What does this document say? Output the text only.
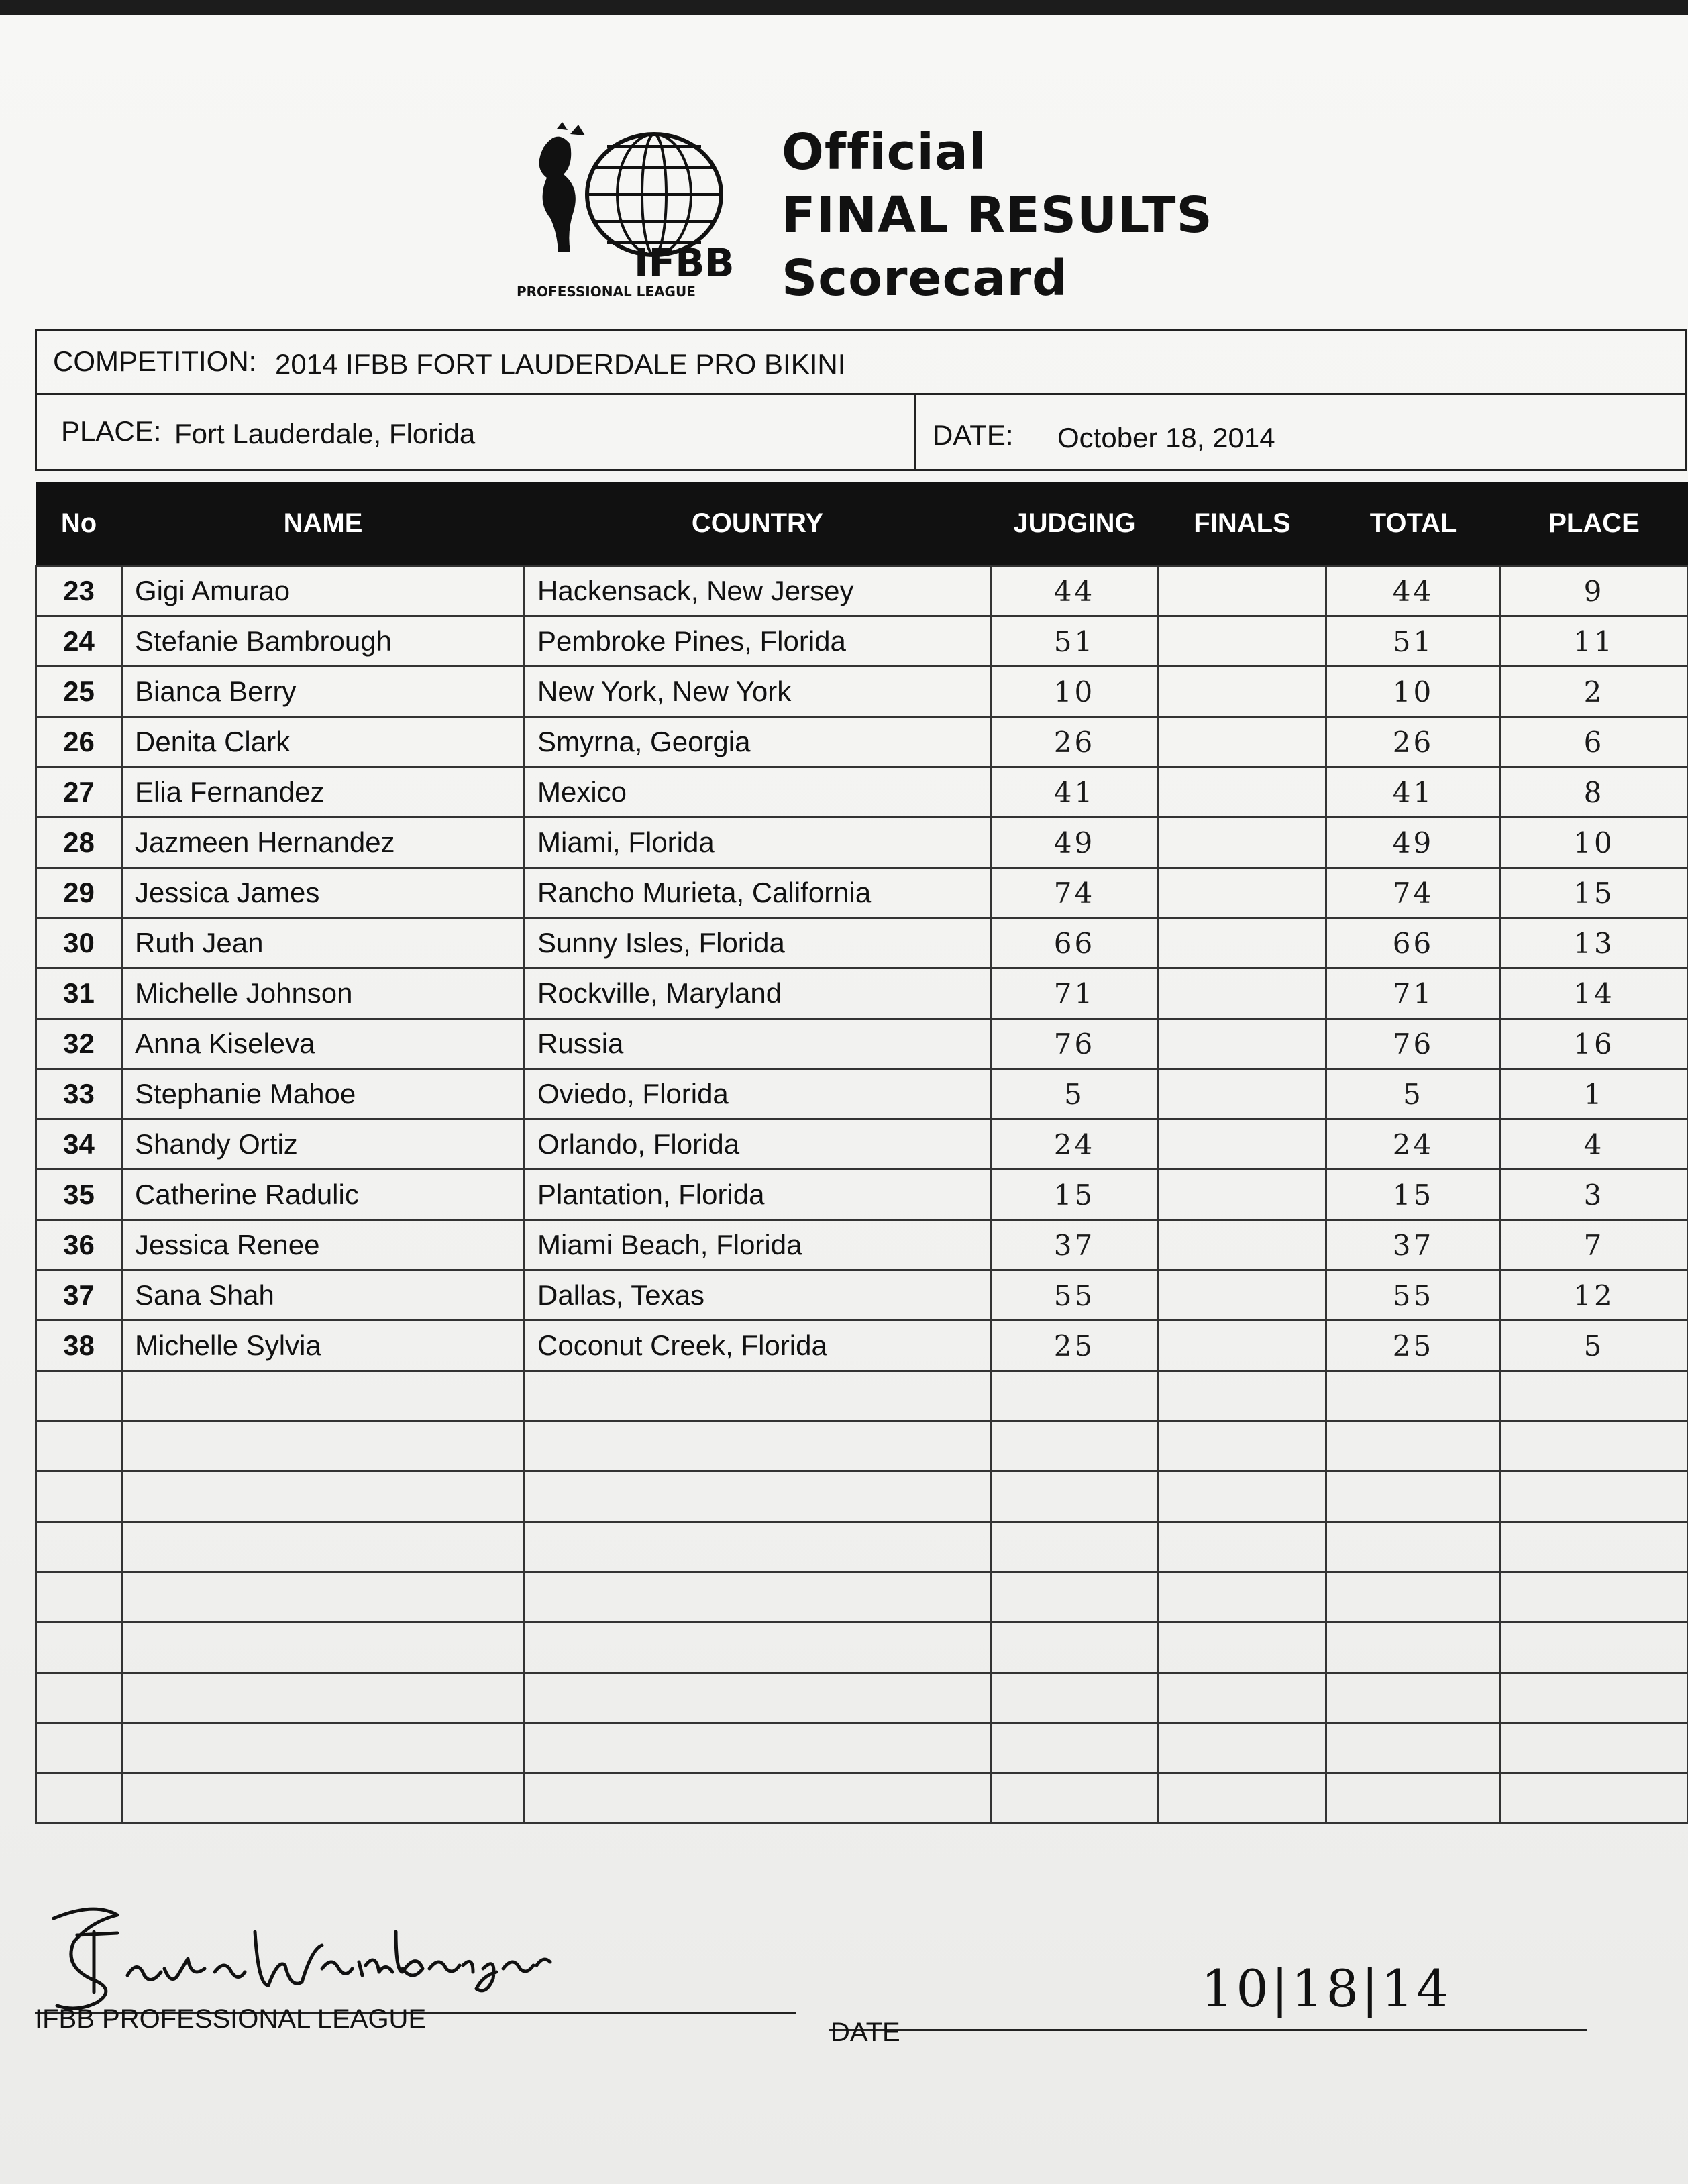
IFBB
PROFESSIONAL LEAGUE
Official
FINAL RESULTS
Scorecard
COMPETITION: 2014 IFBB FORT LAUDERDALE PRO BIKINI
PLACE: Fort Lauderdale, Florida	DATE: October 18, 2014
No	NAME	COUNTRY	JUDGING	FINALS	TOTAL	PLACE
23	Gigi Amurao	Hackensack, New Jersey	44		44	9
24	Stefanie Bambrough	Pembroke Pines, Florida	51		51	11
25	Bianca Berry	New York, New York	10		10	2
26	Denita Clark	Smyrna, Georgia	26		26	6
27	Elia Fernandez	Mexico	41		41	8
28	Jazmeen Hernandez	Miami, Florida	49		49	10
29	Jessica James	Rancho Murieta, California	74		74	15
30	Ruth Jean	Sunny Isles, Florida	66		66	13
31	Michelle Johnson	Rockville, Maryland	71		71	14
32	Anna Kiseleva	Russia	76		76	16
33	Stephanie Mahoe	Oviedo, Florida	5		5	1
34	Shandy Ortiz	Orlando, Florida	24		24	4
35	Catherine Radulic	Plantation, Florida	15		15	3
36	Jessica Renee	Miami Beach, Florida	37		37	7
37	Sana Shah	Dallas, Texas	55		55	12
38	Michelle Sylvia	Coconut Creek, Florida	25		25	5

IFBB PROFESSIONAL LEAGUE
10|18|14
DATE
